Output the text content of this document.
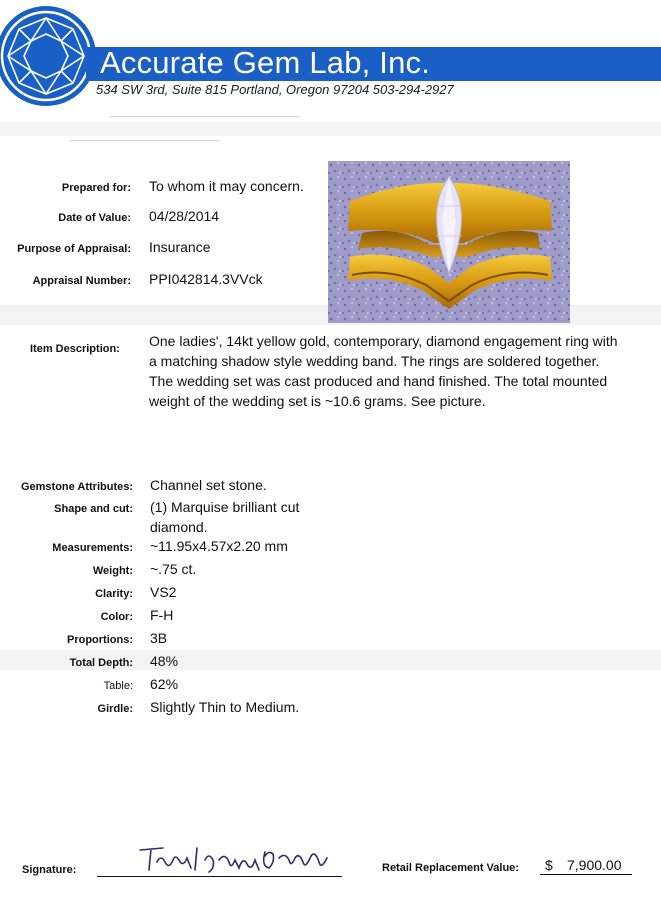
Accurate Gem Lab, Inc.
534 SW 3rd, Suite 815 Portland, Oregon 97204 503-294-2927
Prepared for: To whom it may concern.
Date of Value: 04/28/2014
Purpose of Appraisal: Insurance
Appraisal Number: PPI042814.3VVck
Item Description: One ladies', 14kt yellow gold, contemporary, diamond engagement ring with
a matching shadow style wedding band. The rings are soldered together.
The wedding set was cast produced and hand finished. The total mounted
weight of the wedding set is ~10.6 grams. See picture.
Gemstone Attributes: Channel set stone.
Shape and cut: (1) Marquise brilliant cut
diamond.
Measurements: ~11.95x4.57x2.20 mm
Weight: ~.75 ct.
Clarity: VS2
Color: F-H
Proportions: 3B
Total Depth: 48%
Table: 62%
Girdle: Slightly Thin to Medium.
Signature:	Retail Replacement Value: $ 7,900.00
